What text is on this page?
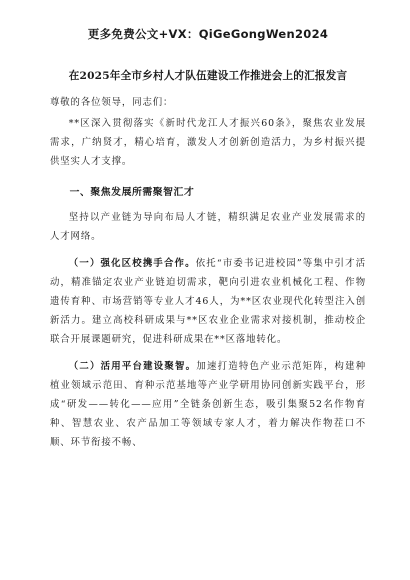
更多免费公文+VX：QiGeGongWen2024
在2025年全市乡村人才队伍建设工作推进会上的汇报发言

尊敬的各位领导，同志们：

**区深入贯彻落实《新时代龙江人才振兴60条》，聚焦农业发展需求，广纳贤才，精心培育，激发人才创新创造活力，为乡村振兴提供坚实人才支撑。

一、聚焦发展所需聚智汇才

坚持以产业链为导向布局人才链，精织满足农业产业发展需求的人才网络。

（一）强化区校携手合作。依托“市委书记进校园”等集中引才活动，精准锚定农业产业链迫切需求，靶向引进农业机械化工程、作物遗传育种、市场营销等专业人才46人，为**区农业现代化转型注入创新活力。建立高校科研成果与**区农业企业需求对接机制，推动校企联合开展课题研究，促进科研成果在**区落地转化。

（二）活用平台建设聚智。加速打造特色产业示范矩阵，构建种植业领域示范田、育种示范基地等产业学研用协同创新实践平台，形成“研发——转化——应用”全链条创新生态，吸引集聚52名作物育种、智慧农业、农产品加工等领域专家人才，着力解决作物茬口不顺、环节衔接不畅、
